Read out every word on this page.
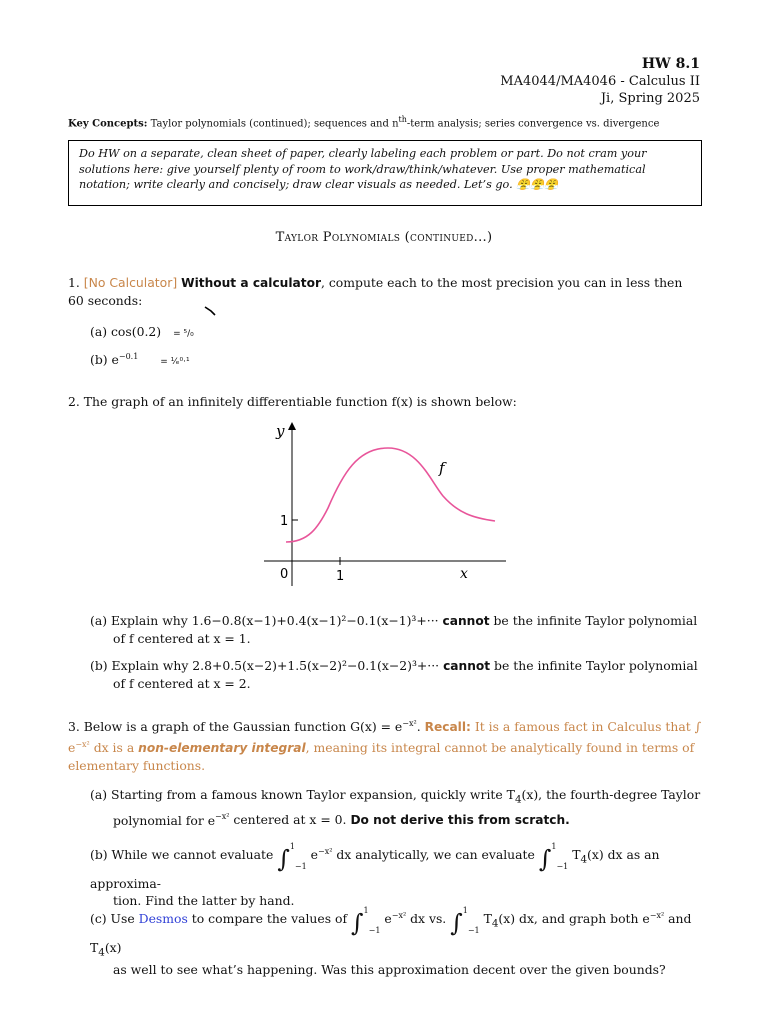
HW 8.1
MA4044/MA4046 - Calculus II
Ji, Spring 2025
Key Concepts: Taylor polynomials (continued); sequences and $n^{th}$-term analysis; series convergence vs. divergence
Do HW on a separate, clean sheet of paper, clearly labeling each problem or part. Do not cram your solutions here: give yourself plenty of room to work/draw/think/whatever. Use proper mathematical notation; write clearly and concisely; draw clear visuals as needed. Let’s go. 😤😤😤
Taylor Polynomials (continued...)
1. [No Calculator] Without a calculator, compute each to the most precision you can in less then 60 seconds:
(a) cos(0.2) = ⁵/₀
(b) $e^{-0.1}$ = ¹⁄ₑ⁰·¹
2. The graph of an infinitely differentiable function f(x) is shown below:
y
x
0	1
1
f
(a) Explain why 1.6−0.8(x−1)+0.4(x−1)²−0.1(x−1)³+··· cannot be the infinite Taylor polynomial
of f centered at x = 1.
(b) Explain why 2.8+0.5(x−2)+1.5(x−2)²−0.1(x−2)³+··· cannot be the infinite Taylor polynomial
of f centered at x = 2.
3. Below is a graph of the Gaussian function $G(x) = e^{-x^2}$. Recall: It is a famous fact in Calculus that ∫ $e^{-x^2}$ dx is a non-elementary integral, meaning its integral cannot be analytically found in terms of elementary functions.
(a) Starting from a famous known Taylor expansion, quickly write $T_4(x)$, the fourth-degree Taylor
polynomial for $e^{-x^2}$ centered at x = 0. Do not derive this from scratch.
(b) While we cannot evaluate ∫$^1_{-1}$ $e^{-x^2}$ dx analytically, we can evaluate ∫$^1_{-1}$ $T_4(x)$ dx as an approxima-
tion. Find the latter by hand.
(c) Use Desmos to compare the values of ∫$^1_{-1}$ $e^{-x^2}$ dx vs. ∫$^1_{-1}$ $T_4(x)$ dx, and graph both $e^{-x^2}$ and $T_4(x)$
as well to see what’s happening. Was this approximation decent over the given bounds?
